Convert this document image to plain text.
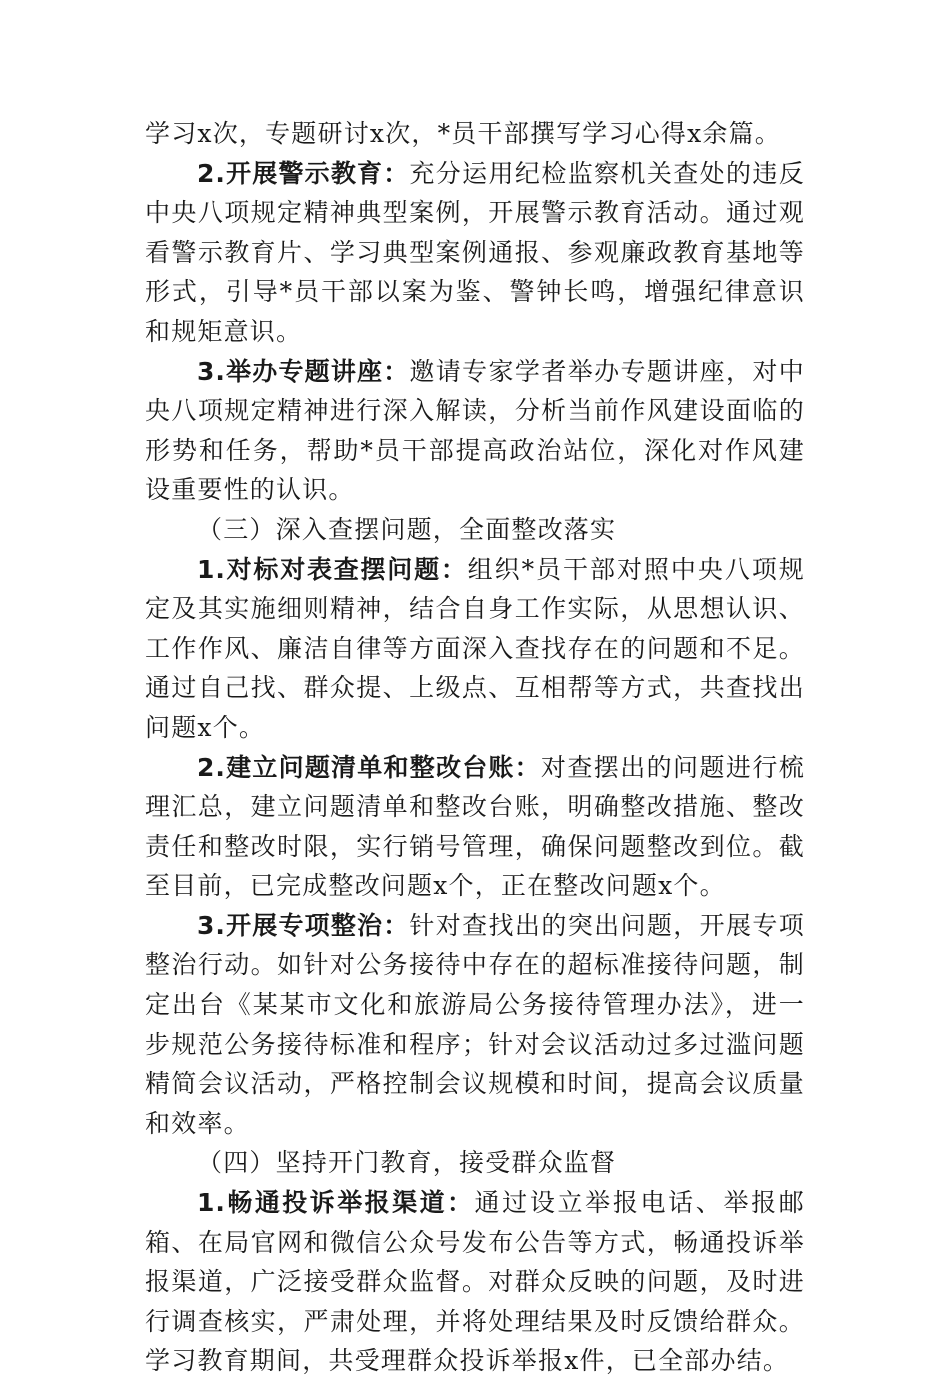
学习x次，专题研讨x次，*员干部撰写学习心得x余篇。

2.开展警示教育：充分运用纪检监察机关查处的违反中央八项规定精神典型案例，开展警示教育活动。通过观看警示教育片、学习典型案例通报、参观廉政教育基地等形式，引导*员干部以案为鉴、警钟长鸣，增强纪律意识和规矩意识。

3.举办专题讲座：邀请专家学者举办专题讲座，对中央八项规定精神进行深入解读，分析当前作风建设面临的形势和任务，帮助*员干部提高政治站位，深化对作风建设重要性的认识。

（三）深入查摆问题，全面整改落实

1.对标对表查摆问题：组织*员干部对照中央八项规定及其实施细则精神，结合自身工作实际，从思想认识、工作作风、廉洁自律等方面深入查找存在的问题和不足。通过自己找、群众提、上级点、互相帮等方式，共查找出问题x个。

2.建立问题清单和整改台账：对查摆出的问题进行梳理汇总，建立问题清单和整改台账，明确整改措施、整改责任和整改时限，实行销号管理，确保问题整改到位。截至目前，已完成整改问题x个，正在整改问题x个。

3.开展专项整治：针对查找出的突出问题，开展专项整治行动。如针对公务接待中存在的超标准接待问题，制定出台《某某市文化和旅游局公务接待管理办法》，进一步规范公务接待标准和程序；针对会议活动过多过滥问题精简会议活动，严格控制会议规模和时间，提高会议质量和效率。

（四）坚持开门教育，接受群众监督

1.畅通投诉举报渠道：通过设立举报电话、举报邮箱、在局官网和微信公众号发布公告等方式，畅通投诉举报渠道，广泛接受群众监督。对群众反映的问题，及时进行调查核实，严肃处理，并将处理结果及时反馈给群众。学习教育期间，共受理群众投诉举报x件，已全部办结。
